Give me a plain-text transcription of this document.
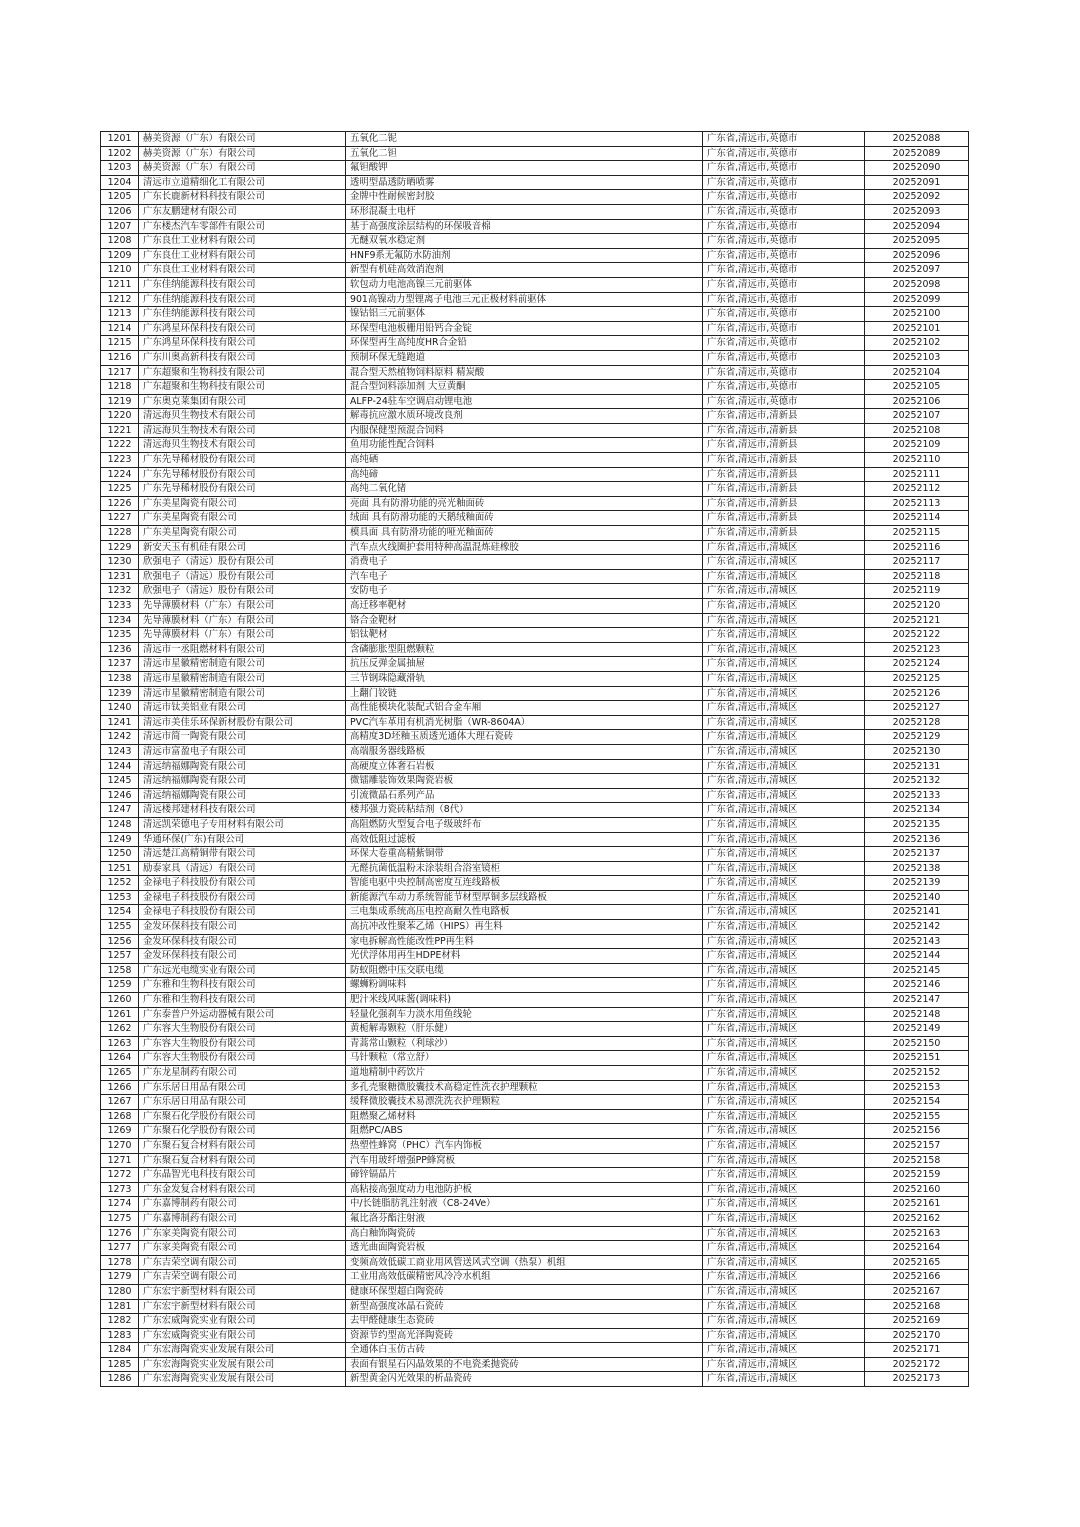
1201	赫美资源（广东）有限公司	五氧化二铌	广东省,清远市,英德市	20252088
1202	赫美资源（广东）有限公司	五氧化二钽	广东省,清远市,英德市	20252089
1203	赫美资源（广东）有限公司	氟钽酸钾	广东省,清远市,英德市	20252090
1204	清远市立道精细化工有限公司	透明型晶透防晒喷雾	广东省,清远市,英德市	20252091
1205	广东长鹿新材料科技有限公司	金牌中性耐候密封胶	广东省,清远市,英德市	20252092
1206	广东友鹏建材有限公司	环形混凝土电杆	广东省,清远市,英德市	20252093
1207	广东楼杰汽车零部件有限公司	基于高强度涂层结构的环保吸音棉	广东省,清远市,英德市	20252094
1208	广东良仕工业材料有限公司	无醚双氧水稳定剂	广东省,清远市,英德市	20252095
1209	广东良仕工业材料有限公司	HNF9系无氟防水防油剂	广东省,清远市,英德市	20252096
1210	广东良仕工业材料有限公司	新型有机硅高效消泡剂	广东省,清远市,英德市	20252097
1211	广东佳纳能源科技有限公司	软包动力电池高镍三元前驱体	广东省,清远市,英德市	20252098
1212	广东佳纳能源科技有限公司	901高镍动力型锂离子电池三元正极材料前驱体	广东省,清远市,英德市	20252099
1213	广东佳纳能源科技有限公司	镍钴铝三元前驱体	广东省,清远市,英德市	20252100
1214	广东鸿星环保科技有限公司	环保型电池板栅用铅钙合金锭	广东省,清远市,英德市	20252101
1215	广东鸿星环保科技有限公司	环保型再生高纯度HR合金铅	广东省,清远市,英德市	20252102
1216	广东川奥高新科技有限公司	预制环保无缝跑道	广东省,清远市,英德市	20252103
1217	广东超聚和生物科技有限公司	混合型天然植物饲料原料 精炭酸	广东省,清远市,英德市	20252104
1218	广东超聚和生物科技有限公司	混合型饲料添加剂 大豆黄酮	广东省,清远市,英德市	20252105
1219	广东奥克莱集团有限公司	ALFP-24驻车空调启动锂电池	广东省,清远市,英德市	20252106
1220	清远海贝生物技术有限公司	解毒抗应激水质环境改良剂	广东省,清远市,清新县	20252107
1221	清远海贝生物技术有限公司	内服保健型预混合饲料	广东省,清远市,清新县	20252108
1222	清远海贝生物技术有限公司	鱼用功能性配合饲料	广东省,清远市,清新县	20252109
1223	广东先导稀材股份有限公司	高纯硒	广东省,清远市,清新县	20252110
1224	广东先导稀材股份有限公司	高纯碲	广东省,清远市,清新县	20252111
1225	广东先导稀材股份有限公司	高纯二氧化锗	广东省,清远市,清新县	20252112
1226	广东美星陶瓷有限公司	亮面 具有防滑功能的亮光釉面砖	广东省,清远市,清新县	20252113
1227	广东美星陶瓷有限公司	绒面 具有防滑功能的天鹅绒釉面砖	广东省,清远市,清新县	20252114
1228	广东美星陶瓷有限公司	模具面 具有防滑功能的哑光釉面砖	广东省,清远市,清新县	20252115
1229	新安天玉有机硅有限公司	汽车点火线圈护套用特种高温混炼硅橡胶	广东省,清远市,清城区	20252116
1230	欣强电子（清远）股份有限公司	消费电子	广东省,清远市,清城区	20252117
1231	欣强电子（清远）股份有限公司	汽车电子	广东省,清远市,清城区	20252118
1232	欣强电子（清远）股份有限公司	安防电子	广东省,清远市,清城区	20252119
1233	先导薄膜材料（广东）有限公司	高迁移率靶材	广东省,清远市,清城区	20252120
1234	先导薄膜材料（广东）有限公司	铬合金靶材	广东省,清远市,清城区	20252121
1235	先导薄膜材料（广东）有限公司	铝钛靶材	广东省,清远市,清城区	20252122
1236	清远市一丞阻燃材料有限公司	含磷膨胀型阻燃颗粒	广东省,清远市,清城区	20252123
1237	清远市星徽精密制造有限公司	抗压反弹金属抽屉	广东省,清远市,清城区	20252124
1238	清远市星徽精密制造有限公司	三节钢珠隐藏滑轨	广东省,清远市,清城区	20252125
1239	清远市星徽精密制造有限公司	上翻门铰链	广东省,清远市,清城区	20252126
1240	清远市钛美铝业有限公司	高性能模块化装配式铝合金车厢	广东省,清远市,清城区	20252127
1241	清远市美佳乐环保新材股份有限公司	PVC汽车革用有机消光树脂（WR-8604A）	广东省,清远市,清城区	20252128
1242	清远市简一陶瓷有限公司	高精度3D坯釉玉质透光通体大理石瓷砖	广东省,清远市,清城区	20252129
1243	清远市富盈电子有限公司	高端服务器线路板	广东省,清远市,清城区	20252130
1244	清远纳福娜陶瓷有限公司	高硬度立体奢石岩板	广东省,清远市,清城区	20252131
1245	清远纳福娜陶瓷有限公司	微镭雕装饰效果陶瓷岩板	广东省,清远市,清城区	20252132
1246	清远纳福娜陶瓷有限公司	引流微晶石系列产品	广东省,清远市,清城区	20252133
1247	清远楼邦建材科技有限公司	楼邦强力瓷砖粘结剂（8代）	广东省,清远市,清城区	20252134
1248	清远凯荣德电子专用材料有限公司	高阻燃防火型复合电子级玻纤布	广东省,清远市,清城区	20252135
1249	华通环保(广东)有限公司	高效低阻过滤板	广东省,清远市,清城区	20252136
1250	清远楚江高精铜带有限公司	环保大卷重高精紫铜带	广东省,清远市,清城区	20252137
1251	励泰家具（清远）有限公司	无醛抗菌低温粉末涂装组合浴室镜柜	广东省,清远市,清城区	20252138
1252	金禄电子科技股份有限公司	智能电驱中央控制高密度互连线路板	广东省,清远市,清城区	20252139
1253	金禄电子科技股份有限公司	新能源汽车动力系统智能节材型厚铜多层线路板	广东省,清远市,清城区	20252140
1254	金禄电子科技股份有限公司	三电集成系统高压电控高耐久性电路板	广东省,清远市,清城区	20252141
1255	金发环保科技有限公司	高抗冲改性聚苯乙烯（HIPS）再生料	广东省,清远市,清城区	20252142
1256	金发环保科技有限公司	家电拆解高性能改性PP再生料	广东省,清远市,清城区	20252143
1257	金发环保科技有限公司	光伏浮体用再生HDPE材料	广东省,清远市,清城区	20252144
1258	广东远光电缆实业有限公司	防蚁阻燃中压交联电缆	广东省,清远市,清城区	20252145
1259	广东雅和生物科技有限公司	螺蛳粉调味料	广东省,清远市,清城区	20252146
1260	广东雅和生物科技有限公司	肥汁米线风味酱(调味料)	广东省,清远市,清城区	20252147
1261	广东泰普户外运动器械有限公司	轻量化强刹车力淡水用鱼线轮	广东省,清远市,清城区	20252148
1262	广东容大生物股份有限公司	黄栀解毒颗粒（肝乐健）	广东省,清远市,清城区	20252149
1263	广东容大生物股份有限公司	青蒿常山颗粒（利球沙）	广东省,清远市,清城区	20252150
1264	广东容大生物股份有限公司	马针颗粒（常立舒）	广东省,清远市,清城区	20252151
1265	广东龙星制药有限公司	道地精制中药饮片	广东省,清远市,清城区	20252152
1266	广东乐居日用品有限公司	多孔壳聚糖微胶囊技术高稳定性洗衣护理颗粒	广东省,清远市,清城区	20252153
1267	广东乐居日用品有限公司	缓释微胶囊技术易漂洗洗衣护理颗粒	广东省,清远市,清城区	20252154
1268	广东聚石化学股份有限公司	阻燃聚乙烯材料	广东省,清远市,清城区	20252155
1269	广东聚石化学股份有限公司	阻燃PC/ABS	广东省,清远市,清城区	20252156
1270	广东聚石复合材料有限公司	热塑性蜂窝（PHC）汽车内饰板	广东省,清远市,清城区	20252157
1271	广东聚石复合材料有限公司	汽车用玻纤增强PP蜂窝板	广东省,清远市,清城区	20252158
1272	广东晶智光电科技有限公司	碲锌镉晶片	广东省,清远市,清城区	20252159
1273	广东金发复合材料有限公司	高粘接高强度动力电池防护板	广东省,清远市,清城区	20252160
1274	广东嘉博制药有限公司	中/长链脂肪乳注射液（C8-24Ve）	广东省,清远市,清城区	20252161
1275	广东嘉博制药有限公司	氟比洛芬酯注射液	广东省,清远市,清城区	20252162
1276	广东家美陶瓷有限公司	高白釉饰陶瓷砖	广东省,清远市,清城区	20252163
1277	广东家美陶瓷有限公司	透光曲面陶瓷岩板	广东省,清远市,清城区	20252164
1278	广东吉荣空调有限公司	变频高效低碳工商业用风管送风式空调（热泵）机组	广东省,清远市,清城区	20252165
1279	广东吉荣空调有限公司	工业用高效低碳精密风冷冷水机组	广东省,清远市,清城区	20252166
1280	广东宏宇新型材料有限公司	健康环保型超白陶瓷砖	广东省,清远市,清城区	20252167
1281	广东宏宇新型材料有限公司	新型高强度冰晶石瓷砖	广东省,清远市,清城区	20252168
1282	广东宏威陶瓷实业有限公司	去甲醛健康生态瓷砖	广东省,清远市,清城区	20252169
1283	广东宏威陶瓷实业有限公司	资源节约型高光泽陶瓷砖	广东省,清远市,清城区	20252170
1284	广东宏海陶瓷实业发展有限公司	全通体白玉仿古砖	广东省,清远市,清城区	20252171
1285	广东宏海陶瓷实业发展有限公司	表面有银星石闪晶效果的不电瓷柔抛瓷砖	广东省,清远市,清城区	20252172
1286	广东宏海陶瓷实业发展有限公司	新型黄金闪光效果的析晶瓷砖	广东省,清远市,清城区	20252173
